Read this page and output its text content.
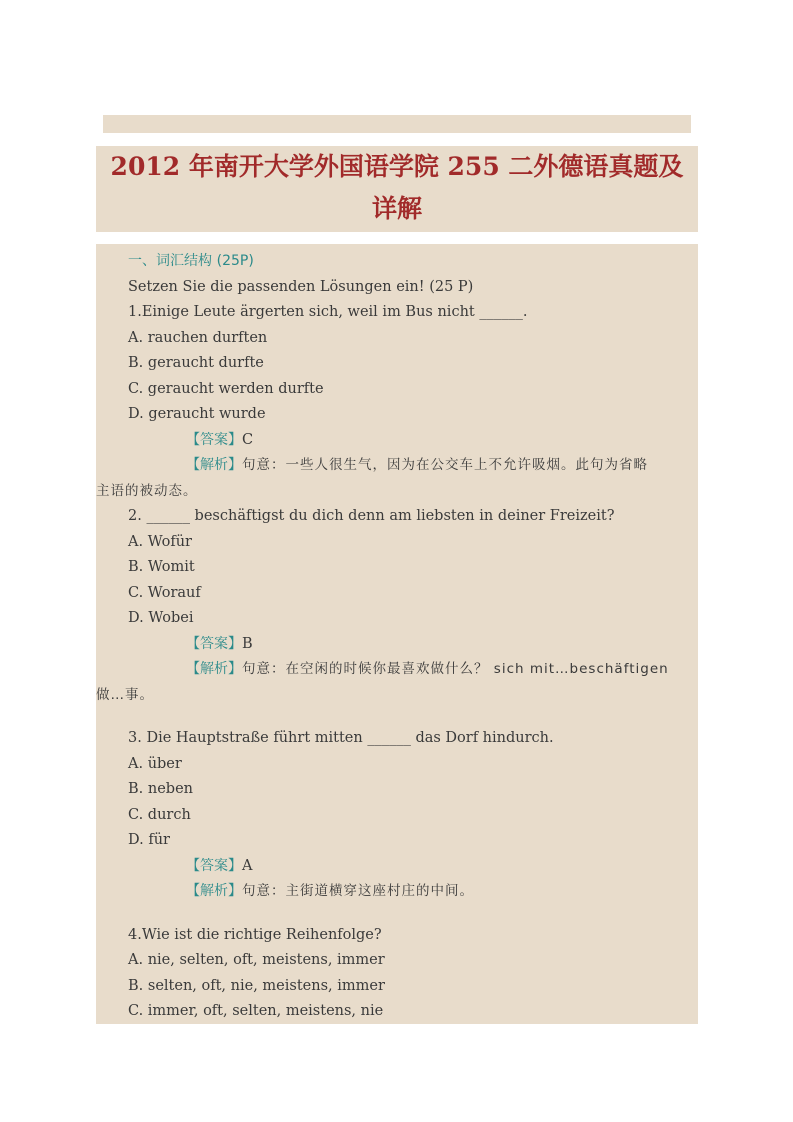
2012 年南开大学外国语学院 255 二外德语真题及
详解
一、词汇结构 (25P)
Setzen Sie die passenden Lösungen ein! (25 P)
1.Einige Leute ärgerten sich, weil im Bus nicht ______.
A. rauchen durften
B. geraucht durfte
C. geraucht werden durfte
D. geraucht wurde
【答案】C
【解析】句意：一些人很生气，因为在公交车上不允许吸烟。此句为省略
主语的被动态。
2. ______ beschäftigst du dich denn am liebsten in deiner Freizeit?
A. Wofür
B. Womit
C. Worauf
D. Wobei
【答案】B
【解析】句意：在空闲的时候你最喜欢做什么？ sich mit…beschäftigen
做…事。
3. Die Hauptstraße führt mitten ______ das Dorf hindurch.
A. über
B. neben
C. durch
D. für
【答案】A
【解析】句意：主街道横穿这座村庄的中间。
4.Wie ist die richtige Reihenfolge?
A. nie, selten, oft, meistens, immer
B. selten, oft, nie, meistens, immer
C. immer, oft, selten, meistens, nie
